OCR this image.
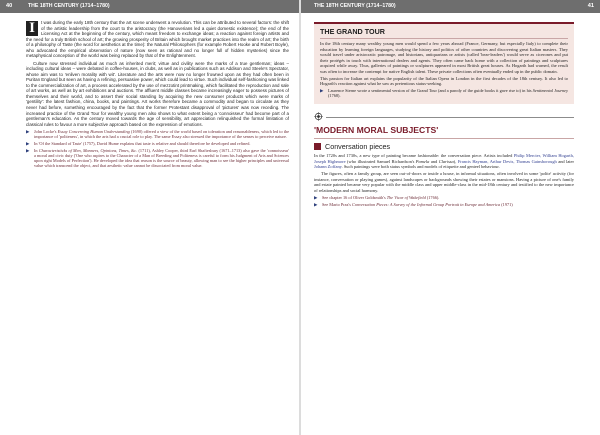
40	THE 18TH CENTURY (1714–1780)
I	t was during the early 18th century that the art scene underwent a revolution. This can be attributed to several factors: the shift of the artistic leadership from the court to the aristocracy (the Hanoverians led a quiet domestic existence); the end of the Licensing Act at the beginning of the century, which meant freedom to exchange ideas; a reaction against foreign artists and the need for a truly British school of art; the growing prosperity of Britain which brought market practices into the realm of art; the birth of a philosophy of Taste (the word for aesthetics at the time): the Natural Philosophers (for example Robert Hooke and Robert Boyle), who advocated the empirical observation of nature (now seen as rational and no longer full of hidden mysteries) since the metaphysical conception of the world was being replaced by that of the Enlightenment.

Culture now stressed individual as much as inherited merit; virtue and civility were the marks of a true gentleman; ideas – including cultural ideas – were debated in coffee-houses, in clubs, as well as in publications such as Addison and Steele's Spectator, whose aim was to 'enliven morality with wit'. Literature and the arts were now no longer frowned upon as they had often been in Puritan England but seen as having a refining, persuasive power, which could lead to virtue. Such individual self-fashioning was linked to the commercialization of art, a process accelerated by the use of mezzotint printmaking, which facilitated the reproduction and sale of art works, as well as by art exhibitions and auctions. The affluent middle classes became increasingly eager to possess pictures of themselves and their world, and to assert their social standing by acquiring the new consumer products which were marks of 'gentility': the latest fashion, china, books, and paintings. Art works therefore became a commodity and began to circulate as they never had before, something encouraged by the fact that the former Protestant disapproval of 'pictures' was now receding. The increased practice of the Grand Tour for wealthy young men also shows to what extent being a 'connoisseur' had become part of a gentleman's education. As the century moved towards the age of sensibility, art appreciation relinquished the formal limitation of classical rules to favour a more subjective approach based on the expression of emotions.

▶ John Locke's Essay Concerning Human Understanding (1690) offered a view of the world based on toleration and reasonableness, which led to the importance of 'politeness', in which the arts had a crucial role to play. The same Essay also stressed the importance of the senses to perceive nature.

▶ In 'Of the Standard of Taste' (1757), David Hume explains that taste is relative and should therefore be developed and refined.

▶ In Characteristicks of Men, Manners, Opinions, Times, &c. (1711), Ashley Cooper, third Earl Shaftesbury (1671–1713) also gave the 'connoisseur' a moral and civic duty ('One who aspires to the Character of a Man of Breeding and Politeness is careful to form his Judgment of Arts and Sciences upon right Models of Perfection'). He developed the idea that reason is the source of beauty, allowing man to see the higher principles and universal value which transcend the object, and that aesthetic value cannot be dissociated from moral value.

THE 18TH CENTURY (1714–1780)	41
THE GRAND TOUR

In the 18th century many wealthy young men would spend a few years abroad (France, Germany, but especially Italy) to complete their education by learning foreign languages, studying the history and politics of other countries and discovering great Italian masters. They would travel under aristocratic patronage, and historians, antiquarians or artists (called 'bear-leaders') would serve as cicerones and put their protégés in touch with international dealers and agents. They often came back home with a collection of paintings and sculptures acquired while away. Thus, galleries of paintings or sculptures appeared in most British great houses. As Hogarth had warned, the result was often to increase the contempt for native English talent. These private collections often eventually ended up in the public domain.

This passion for Italian art explains the popularity of the Italian Opera in London in the first decades of the 18th century. It also led to Hogarth's reaction against what he saw as pretentious status-seeking.

▶ Laurence Sterne wrote a sentimental version of the Grand Tour (and a parody of the guide books it gave rise to) in his Sentimental Journey (1768).

'MODERN MORAL SUBJECTS'
Conversation pieces

In the 1720s and 1730s, a new type of painting became fashionable: the conversation piece. Artists included Philip Mercier, William Hogarth, Joseph Highmore (who illustrated Samuel Richardson's Pamela and Clarissa), Francis Hayman, Arthur Devis, Thomas Gainsborough and later Johann Zoffany. Such paintings were both status symbols and models of etiquette and genteel behaviour.

The figures, often a family group, are seen out-of-doors or inside a house, in informal situations, often involved in some 'polite' activity (for instance, conversation or playing games), against landscapes or backgrounds showing their estates or mansions. Having a picture of one's family and estate painted became very popular with the middle class and upper middle-class in the mid-18th century and testified to the new importance of relationships and social harmony.

▶ See chapter 16 of Oliver Goldsmith's The Vicar of Wakefield (1766).

▶ See Mario Praz's Conversation Pieces: A Survey of the Informal Group Portrait in Europe and America (1971)
